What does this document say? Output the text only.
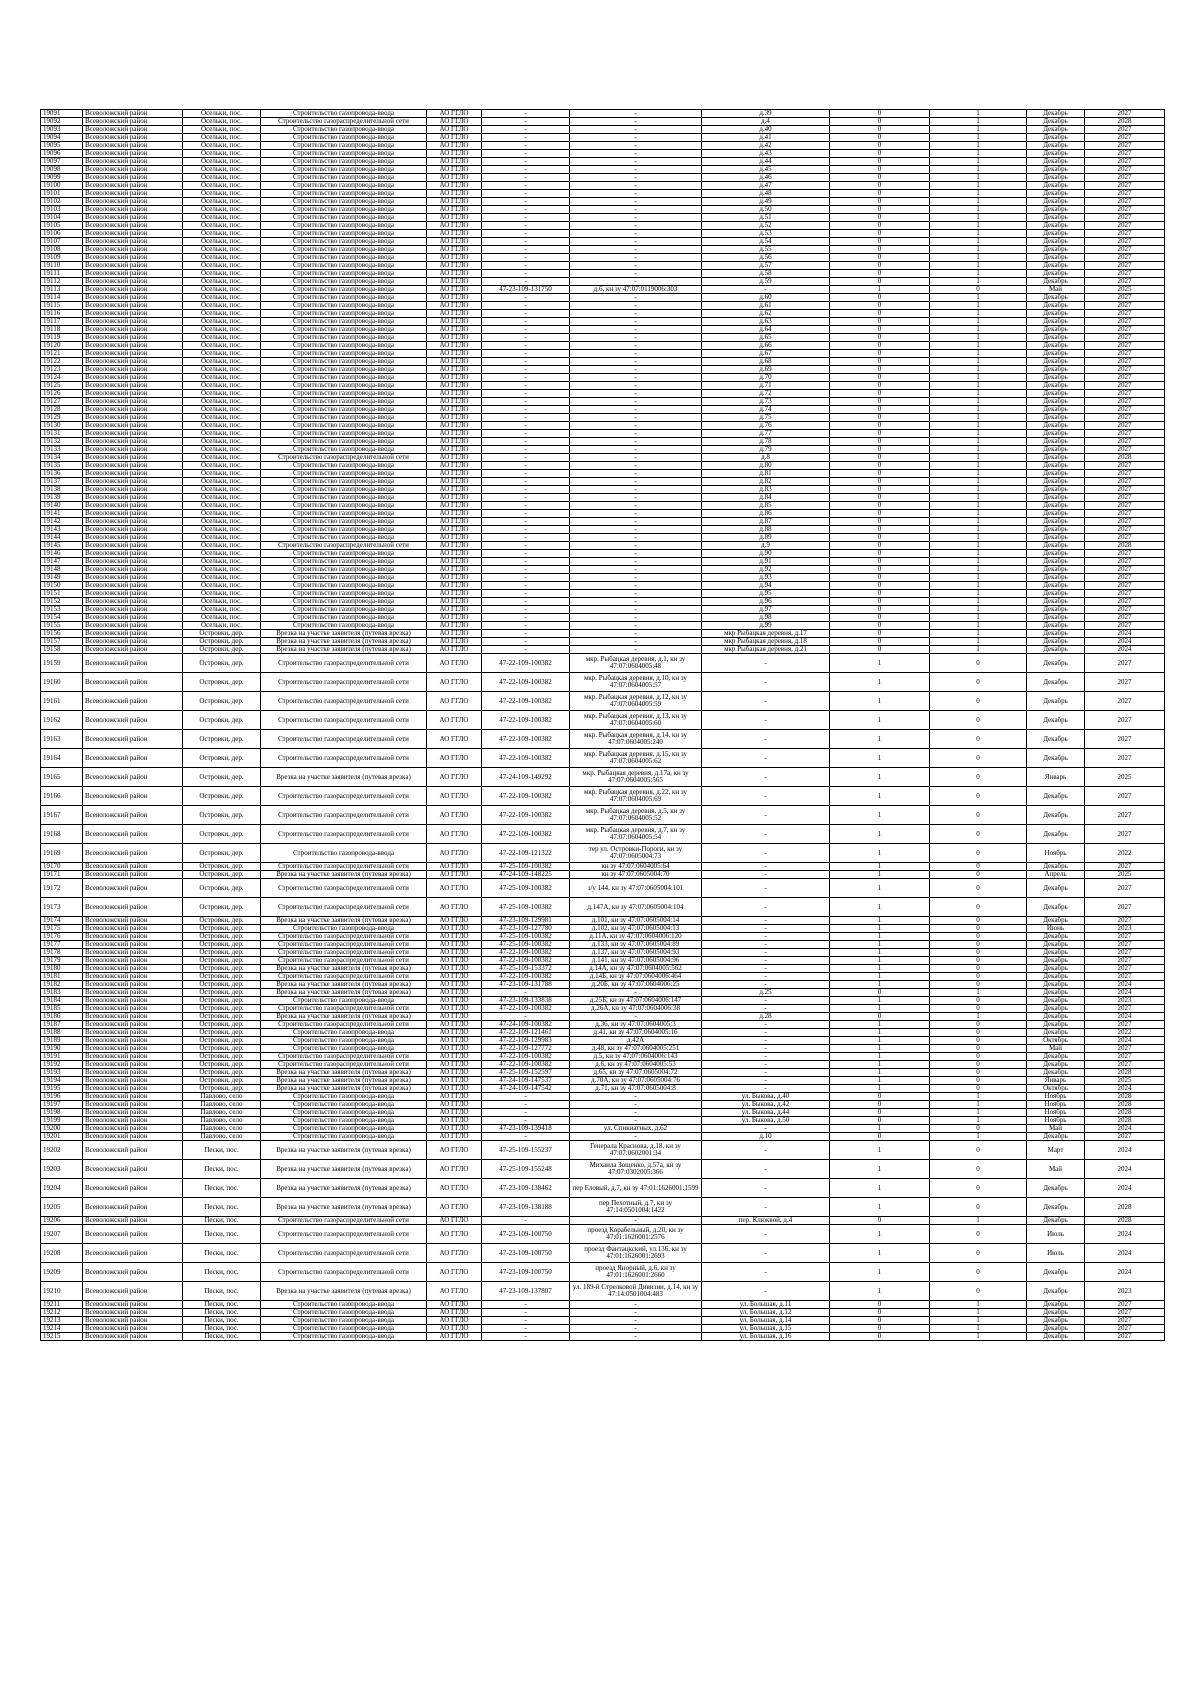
19091	Всеволожский район	Осельки, пос.	Строительство газопровода-ввода	АО ГГЛО	-	-	д.39	0	1	Декабрь	2027
19092	Всеволожский район	Осельки, пос.	Строительство газораспределительной сети	АО ГГЛО	-	-	д.4	0	1	Декабрь	2028
19093	Всеволожский район	Осельки, пос.	Строительство газопровода-ввода	АО ГГЛО	-	-	д.40	0	1	Декабрь	2027
19094	Всеволожский район	Осельки, пос.	Строительство газопровода-ввода	АО ГГЛО	-	-	д.41	0	1	Декабрь	2027
19095	Всеволожский район	Осельки, пос.	Строительство газопровода-ввода	АО ГГЛО	-	-	д.42	0	1	Декабрь	2027
19096	Всеволожский район	Осельки, пос.	Строительство газопровода-ввода	АО ГГЛО	-	-	д.43	0	1	Декабрь	2027
19097	Всеволожский район	Осельки, пос.	Строительство газопровода-ввода	АО ГГЛО	-	-	д.44	0	1	Декабрь	2027
19098	Всеволожский район	Осельки, пос.	Строительство газопровода-ввода	АО ГГЛО	-	-	д.45	0	1	Декабрь	2027
19099	Всеволожский район	Осельки, пос.	Строительство газопровода-ввода	АО ГГЛО	-	-	д.46	0	1	Декабрь	2027
19100	Всеволожский район	Осельки, пос.	Строительство газопровода-ввода	АО ГГЛО	-	-	д.47	0	1	Декабрь	2027
19101	Всеволожский район	Осельки, пос.	Строительство газопровода-ввода	АО ГГЛО	-	-	д.48	0	1	Декабрь	2027
19102	Всеволожский район	Осельки, пос.	Строительство газопровода-ввода	АО ГГЛО	-	-	д.49	0	1	Декабрь	2027
19103	Всеволожский район	Осельки, пос.	Строительство газопровода-ввода	АО ГГЛО	-	-	д.50	0	1	Декабрь	2027
19104	Всеволожский район	Осельки, пос.	Строительство газопровода-ввода	АО ГГЛО	-	-	д.51	0	1	Декабрь	2027
19105	Всеволожский район	Осельки, пос.	Строительство газопровода-ввода	АО ГГЛО	-	-	д.52	0	1	Декабрь	2027
19106	Всеволожский район	Осельки, пос.	Строительство газопровода-ввода	АО ГГЛО	-	-	д.53	0	1	Декабрь	2027
19107	Всеволожский район	Осельки, пос.	Строительство газопровода-ввода	АО ГГЛО	-	-	д.54	0	1	Декабрь	2027
19108	Всеволожский район	Осельки, пос.	Строительство газопровода-ввода	АО ГГЛО	-	-	д.55	0	1	Декабрь	2027
19109	Всеволожский район	Осельки, пос.	Строительство газопровода-ввода	АО ГГЛО	-	-	д.56	0	1	Декабрь	2027
19110	Всеволожский район	Осельки, пос.	Строительство газопровода-ввода	АО ГГЛО	-	-	д.57	0	1	Декабрь	2027
19111	Всеволожский район	Осельки, пос.	Строительство газопровода-ввода	АО ГГЛО	-	-	д.58	0	1	Декабрь	2027
19112	Всеволожский район	Осельки, пос.	Строительство газопровода-ввода	АО ГГЛО	-	-	д.59	0	1	Декабрь	2027
19113	Всеволожский район	Осельки, пос.	Строительство газопровода-ввода	АО ГГЛО	47-23-109-131750	д.6, кн зу 47:07:0119006:303	-	1	0	Май	2025
19114	Всеволожский район	Осельки, пос.	Строительство газопровода-ввода	АО ГГЛО	-	-	д.60	0	1	Декабрь	2027
19115	Всеволожский район	Осельки, пос.	Строительство газопровода-ввода	АО ГГЛО	-	-	д.61	0	1	Декабрь	2027
19116	Всеволожский район	Осельки, пос.	Строительство газопровода-ввода	АО ГГЛО	-	-	д.62	0	1	Декабрь	2027
19117	Всеволожский район	Осельки, пос.	Строительство газопровода-ввода	АО ГГЛО	-	-	д.63	0	1	Декабрь	2027
19118	Всеволожский район	Осельки, пос.	Строительство газопровода-ввода	АО ГГЛО	-	-	д.64	0	1	Декабрь	2027
19119	Всеволожский район	Осельки, пос.	Строительство газопровода-ввода	АО ГГЛО	-	-	д.65	0	1	Декабрь	2027
19120	Всеволожский район	Осельки, пос.	Строительство газопровода-ввода	АО ГГЛО	-	-	д.66	0	1	Декабрь	2027
19121	Всеволожский район	Осельки, пос.	Строительство газопровода-ввода	АО ГГЛО	-	-	д.67	0	1	Декабрь	2027
19122	Всеволожский район	Осельки, пос.	Строительство газопровода-ввода	АО ГГЛО	-	-	д.68	0	1	Декабрь	2027
19123	Всеволожский район	Осельки, пос.	Строительство газопровода-ввода	АО ГГЛО	-	-	д.69	0	1	Декабрь	2027
19124	Всеволожский район	Осельки, пос.	Строительство газопровода-ввода	АО ГГЛО	-	-	д.70	0	1	Декабрь	2027
19125	Всеволожский район	Осельки, пос.	Строительство газопровода-ввода	АО ГГЛО	-	-	д.71	0	1	Декабрь	2027
19126	Всеволожский район	Осельки, пос.	Строительство газопровода-ввода	АО ГГЛО	-	-	д.72	0	1	Декабрь	2027
19127	Всеволожский район	Осельки, пос.	Строительство газопровода-ввода	АО ГГЛО	-	-	д.73	0	1	Декабрь	2027
19128	Всеволожский район	Осельки, пос.	Строительство газопровода-ввода	АО ГГЛО	-	-	д.74	0	1	Декабрь	2027
19129	Всеволожский район	Осельки, пос.	Строительство газопровода-ввода	АО ГГЛО	-	-	д.75	0	1	Декабрь	2027
19130	Всеволожский район	Осельки, пос.	Строительство газопровода-ввода	АО ГГЛО	-	-	д.76	0	1	Декабрь	2027
19131	Всеволожский район	Осельки, пос.	Строительство газопровода-ввода	АО ГГЛО	-	-	д.77	0	1	Декабрь	2027
19132	Всеволожский район	Осельки, пос.	Строительство газопровода-ввода	АО ГГЛО	-	-	д.78	0	1	Декабрь	2027
19133	Всеволожский район	Осельки, пос.	Строительство газопровода-ввода	АО ГГЛО	-	-	д.79	0	1	Декабрь	2027
19134	Всеволожский район	Осельки, пос.	Строительство газораспределительной сети	АО ГГЛО	-	-	д.8	0	1	Декабрь	2028
19135	Всеволожский район	Осельки, пос.	Строительство газопровода-ввода	АО ГГЛО	-	-	д.80	0	1	Декабрь	2027
19136	Всеволожский район	Осельки, пос.	Строительство газопровода-ввода	АО ГГЛО	-	-	д.81	0	1	Декабрь	2027
19137	Всеволожский район	Осельки, пос.	Строительство газопровода-ввода	АО ГГЛО	-	-	д.82	0	1	Декабрь	2027
19138	Всеволожский район	Осельки, пос.	Строительство газопровода-ввода	АО ГГЛО	-	-	д.83	0	1	Декабрь	2027
19139	Всеволожский район	Осельки, пос.	Строительство газопровода-ввода	АО ГГЛО	-	-	д.84	0	1	Декабрь	2027
19140	Всеволожский район	Осельки, пос.	Строительство газопровода-ввода	АО ГГЛО	-	-	д.85	0	1	Декабрь	2027
19141	Всеволожский район	Осельки, пос.	Строительство газопровода-ввода	АО ГГЛО	-	-	д.86	0	1	Декабрь	2027
19142	Всеволожский район	Осельки, пос.	Строительство газопровода-ввода	АО ГГЛО	-	-	д.87	0	1	Декабрь	2027
19143	Всеволожский район	Осельки, пос.	Строительство газопровода-ввода	АО ГГЛО	-	-	д.88	0	1	Декабрь	2027
19144	Всеволожский район	Осельки, пос.	Строительство газопровода-ввода	АО ГГЛО	-	-	д.89	0	1	Декабрь	2027
19145	Всеволожский район	Осельки, пос.	Строительство газораспределительной сети	АО ГГЛО	-	-	д.9	0	1	Декабрь	2028
19146	Всеволожский район	Осельки, пос.	Строительство газопровода-ввода	АО ГГЛО	-	-	д.90	0	1	Декабрь	2027
19147	Всеволожский район	Осельки, пос.	Строительство газопровода-ввода	АО ГГЛО	-	-	д.91	0	1	Декабрь	2027
19148	Всеволожский район	Осельки, пос.	Строительство газопровода-ввода	АО ГГЛО	-	-	д.92	0	1	Декабрь	2027
19149	Всеволожский район	Осельки, пос.	Строительство газопровода-ввода	АО ГГЛО	-	-	д.93	0	1	Декабрь	2027
19150	Всеволожский район	Осельки, пос.	Строительство газопровода-ввода	АО ГГЛО	-	-	д.94	0	1	Декабрь	2027
19151	Всеволожский район	Осельки, пос.	Строительство газопровода-ввода	АО ГГЛО	-	-	д.95	0	1	Декабрь	2027
19152	Всеволожский район	Осельки, пос.	Строительство газопровода-ввода	АО ГГЛО	-	-	д.96	0	1	Декабрь	2027
19153	Всеволожский район	Осельки, пос.	Строительство газопровода-ввода	АО ГГЛО	-	-	д.97	0	1	Декабрь	2027
19154	Всеволожский район	Осельки, пос.	Строительство газопровода-ввода	АО ГГЛО	-	-	д.98	0	1	Декабрь	2027
19155	Всеволожский район	Осельки, пос.	Строительство газопровода-ввода	АО ГГЛО	-	-	д.99	0	1	Декабрь	2027
19156	Всеволожский район	Островки, дер.	Врезка на участке заявителя (путевая врезка)	АО ГГЛО	-	-	мкр Рыбацкая деревня, д.17	0	1	Декабрь	2024
19157	Всеволожский район	Островки, дер.	Врезка на участке заявителя (путевая врезка)	АО ГГЛО	-	-	мкр Рыбацкая деревня, д.18	0	1	Декабрь	2024
19158	Всеволожский район	Островки, дер.	Врезка на участке заявителя (путевая врезка)	АО ГГЛО	-	-	мкр Рыбацкая деревня, д.21	0	1	Декабрь	2024
19159	Всеволожский район	Островки, дер.	Строительство газораспределительной сети	АО ГГЛО	47-22-109-100382	мкр. Рыбацкая деревня, д.1, кн зу 47:07:0604005:48	-	1	0	Декабрь	2027
19160	Всеволожский район	Островки, дер.	Строительство газораспределительной сети	АО ГГЛО	47-22-109-100382	мкр. Рыбацкая деревня, д.10, кн зу 47:07:0604005:57	-	1	0	Декабрь	2027
19161	Всеволожский район	Островки, дер.	Строительство газораспределительной сети	АО ГГЛО	47-22-109-100382	мкр. Рыбацкая деревня, д.12, кн зу 47:07:0604005:59	-	1	0	Декабрь	2027
19162	Всеволожский район	Островки, дер.	Строительство газораспределительной сети	АО ГГЛО	47-22-109-100382	мкр. Рыбацкая деревня, д.13, кн зу 47:07:0604005:60	-	1	0	Декабрь	2027
19163	Всеволожский район	Островки, дер.	Строительство газораспределительной сети	АО ГГЛО	47-22-109-100382	мкр. Рыбацкая деревня, д.14, кн зу 47:07:0604005:240	-	1	0	Декабрь	2027
19164	Всеволожский район	Островки, дер.	Строительство газораспределительной сети	АО ГГЛО	47-22-109-100382	мкр. Рыбацкая деревня, д.15, кн зу 47:07:0604005:62	-	1	0	Декабрь	2027
19165	Всеволожский район	Островки, дер.	Врезка на участке заявителя (путевая врезка)	АО ГГЛО	47-24-109-149292	мкр. Рыбацкая деревня, д.17а, кн зу 47:07:0604005:565	-	1	0	Январь	2025
19166	Всеволожский район	Островки, дер.	Строительство газораспределительной сети	АО ГГЛО	47-22-109-100382	мкр. Рыбацкая деревня, д.22, кн зу 47:07:0604005:69	-	1	0	Декабрь	2027
19167	Всеволожский район	Островки, дер.	Строительство газораспределительной сети	АО ГГЛО	47-22-109-100382	мкр. Рыбацкая деревня, д.5, кн зу 47:07:0604005:52	-	1	0	Декабрь	2027
19168	Всеволожский район	Островки, дер.	Строительство газораспределительной сети	АО ГГЛО	47-22-109-100382	мкр. Рыбацкая деревня, д.7, кн зу 47:07:0604005:54	-	1	0	Декабрь	2027
19169	Всеволожский район	Островки, дер.	Строительство газопровода-ввода	АО ГГЛО	47-22-109-121322	тер ул. Островки-Пороги, кн зу 47:07:0605004:73	-	1	0	Ноябрь	2022
19170	Всеволожский район	Островки, дер.	Строительство газораспределительной сети	АО ГГЛО	47-25-109-100382	кн зу 47:07:0604005:64	-	1	0	Декабрь	2027
19171	Всеволожский район	Островки, дер.	Врезка на участке заявителя (путевая врезка)	АО ГГЛО	47-24-109-148225	кн зу 47:07:0605004:70	-	1	0	Апрель	2025
19172	Всеволожский район	Островки, дер.	Строительство газораспределительной сети	АО ГГЛО	47-25-109-100382	з/у 144, кн зу 47:07:0605004:101	-	1	0	Декабрь	2027
19173	Всеволожский район	Островки, дер.	Строительство газораспределительной сети	АО ГГЛО	47-25-109-100382	д.147А, кн зу 47:07:0605004:104	-	1	0	Декабрь	2027
19174	Всеволожский район	Островки, дер.	Врезка на участке заявителя (путевая врезка)	АО ГГЛО	47-23-109-129981	д.101, кн зу 47:07:0605004:14	-	1	0	Декабрь	2027
19175	Всеволожский район	Островки, дер.	Строительство газопровода-ввода	АО ГГЛО	47-23-109-127780	д.102, кн зу 47:07:0605004:13	-	1	0	Июнь	2023
19176	Всеволожский район	Островки, дер.	Строительство газораспределительной сети	АО ГГЛО	47-25-109-100382	д.11А, кн зу 47:07:0604006:120	-	1	0	Декабрь	2027
19177	Всеволожский район	Островки, дер.	Строительство газораспределительной сети	АО ГГЛО	47-25-109-100382	д.133, кн зу 47:07:0605004:89	-	1	0	Декабрь	2027
19178	Всеволожский район	Островки, дер.	Строительство газораспределительной сети	АО ГГЛО	47-22-109-100382	д.137, кн зу 47:07:0605004:93	-	1	0	Декабрь	2027
19179	Всеволожский район	Островки, дер.	Строительство газораспределительной сети	АО ГГЛО	47-22-109-100382	д.141, кн зу 47:07:0605004:96	-	1	0	Декабрь	2027
19180	Всеволожский район	Островки, дер.	Врезка на участке заявителя (путевая врезка)	АО ГГЛО	47-25-109-153372	д.14А, кн зу 47:07:0604005:562	-	1	0	Декабрь	2027
19181	Всеволожский район	Островки, дер.	Строительство газораспределительной сети	АО ГГЛО	47-22-109-100382	д.14Б, кн зу 47:07:0604006:464	-	1	0	Декабрь	2027
19182	Всеволожский район	Островки, дер.	Врезка на участке заявителя (путевая врезка)	АО ГГЛО	47-23-109-131788	д.20Б, кн зу 47:07:0604006:25	-	1	0	Декабрь	2024
19183	Всеволожский район	Островки, дер.	Врезка на участке заявителя (путевая врезка)	АО ГГЛО	-	-	д.25	0	1	Декабрь	2024
19184	Всеволожский район	Островки, дер.	Строительство газопровода-ввода	АО ГГЛО	47-23-109-133838	д.25Б, кн зу 47:07:0604006:147	-	1	0	Декабрь	2023
19185	Всеволожский район	Островки, дер.	Строительство газораспределительной сети	АО ГГЛО	47-22-109-100382	д.26А, кн зу 47:07:0604006:38	-	1	0	Декабрь	2027
19186	Всеволожский район	Островки, дер.	Врезка на участке заявителя (путевая врезка)	АО ГГЛО	-	-	д.28	0	1	Декабрь	2024
19187	Всеволожский район	Островки, дер.	Строительство газораспределительной сети	АО ГГЛО	47-24-109-100382	д.36, кн зу 47:07:0604005:3	-	1	0	Декабрь	2027
19188	Всеволожский район	Островки, дер.	Строительство газопровода-ввода	АО ГГЛО	47-22-109-121461	д.41, кн зу 47:07:0604005:16	-	1	0	Декабрь	2022
19189	Всеволожский район	Островки, дер.	Строительство газопровода-ввода	АО ГГЛО	47-22-109-129983	д.42А	-	1	0	Октябрь	2024
19190	Всеволожский район	Островки, дер.	Строительство газопровода-ввода	АО ГГЛО	47-22-109-127772	д.48, кн зу 47:07:0604005:251	-	1	0	Май	2027
19191	Всеволожский район	Островки, дер.	Строительство газораспределительной сети	АО ГГЛО	47-22-109-100382	д.5, кн зу 47:07:0604006:143	-	1	0	Декабрь	2027
19192	Всеволожский район	Островки, дер.	Строительство газораспределительной сети	АО ГГЛО	47-22-109-100382	д.6, кн зу 47:07:0604005:53	-	1	0	Декабрь	2027
19193	Всеволожский район	Островки, дер.	Врезка на участке заявителя (путевая врезка)	АО ГГЛО	47-25-109-152597	д.65, кн зу 47:07:0605004:72	-	1	0	Декабрь	2028
19194	Всеволожский район	Островки, дер.	Врезка на участке заявителя (путевая врезка)	АО ГГЛО	47-24-109-147537	д.70А, кн зу 47:07:0605004:76	-	1	0	Январь	2025
19195	Всеволожский район	Островки, дер.	Врезка на участке заявителя (путевая врезка)	АО ГГЛО	47-24-109-147542	д.71, кн зу 47:07:0605004:8	-	1	0	Октябрь	2024
19196	Всеволожский район	Павлово, село	Строительство газопровода-ввода	АО ГГЛО	-	-	ул. Быкова, д.40	0	1	Ноябрь	2028
19197	Всеволожский район	Павлово, село	Строительство газопровода-ввода	АО ГГЛО	-	-	ул. Быкова, д.42	0	1	Ноябрь	2028
19198	Всеволожский район	Павлово, село	Строительство газопровода-ввода	АО ГГЛО	-	-	ул. Быкова, д.44	0	1	Ноябрь	2028
19199	Всеволожский район	Павлово, село	Строительство газопровода-ввода	АО ГГЛО	-	-	ул. Быкова, д.50	0	1	Ноябрь	2028
19200	Всеволожский район	Павлово, село	Строительство газопровода-ввода	АО ГГЛО	47-23-109-139418	ул. Спикиатных, д.62	-	1	0	Май	2024
19201	Всеволожский район	Павлово, село	Строительство газопровода-ввода	АО ГГЛО	-	-	д.10	0	1	Декабрь	2027
19202	Всеволожский район	Пески, пос.	Врезка на участке заявителя (путевая врезка)	АО ГГЛО	47-25-109-155237	Генерала Краснова, д.18, кн зу 47:07:0602001:34	-	1	0	Март	2024
19203	Всеволожский район	Пески, пос.	Врезка на участке заявителя (путевая врезка)	АО ГГЛО	47-25-109-155248	Михаила Зощенко, д.57а, кн зу 47:07:0302005:366	-	1	0	Май	2024
19204	Всеволожский район	Пески, пос.	Врезка на участке заявителя (путевая врезка)	АО ГГЛО	47-23-109-138462	пер Еловый, д.7, кн зу 47:01:1626001:1599	-	1	0	Декабрь	2024
19205	Всеволожский район	Пески, пос.	Врезка на участке заявителя (путевая врезка)	АО ГГЛО	47-23-109-138188	пер Пехотный, д.7, кн зу 47:14:0501004:1422	-	1	0	Декабрь	2028
19206	Всеволожский район	Пески, пос.	Строительство газораспределительной сети	АО ГГЛО	-	-	пер. Клюквой, д.4	0	1	Декабрь	2028
19207	Всеволожский район	Пески, пос.	Строительство газораспределительной сети	АО ГГЛО	47-23-109-100750	проезд Корабельный, д.20, кн зу 47:01:1626001:2576	-	1	0	Июль	2024
19208	Всеволожский район	Пески, пос.	Строительство газораспределительной сети	АО ГГЛО	47-23-109-100750	проезд Фантацкский, ул.136, кн зу 47:01:1626001:2693	-	1	0	Июль	2024
19209	Всеволожский район	Пески, пос.	Строительство газораспределительной сети	АО ГГЛО	47-23-109-100750	проезд Янорный, д.6, кн зу 47:01:1626001:2660	-	1	0	Декабрь	2024
19210	Всеволожский район	Пески, пос.	Врезка на участке заявителя (путевая врезка)	АО ГГЛО	47-23-109-137807	ул. 189-й Стрелковой Дивизии, д.14, кн зу 47:14:0501004:483	-	1	0	Декабрь	2023
19211	Всеволожский район	Пески, пос.	Строительство газопровода-ввода	АО ГГЛО	-	-	ул. Большая, д.11	0	1	Декабрь	2027
19212	Всеволожский район	Пески, пос.	Строительство газопровода-ввода	АО ГГЛО	-	-	ул. Большая, д.12	0	1	Декабрь	2027
19213	Всеволожский район	Пески, пос.	Строительство газопровода-ввода	АО ГГЛО	-	-	ул. Большая, д.14	0	1	Декабрь	2027
19214	Всеволожский район	Пески, пос.	Строительство газопровода-ввода	АО ГГЛО	-	-	ул. Большая, д.15	0	1	Декабрь	2027
19215	Всеволожский район	Пески, пос.	Строительство газопровода-ввода	АО ГГЛО	-	-	ул. Большая, д.16	0	1	Декабрь	2027
